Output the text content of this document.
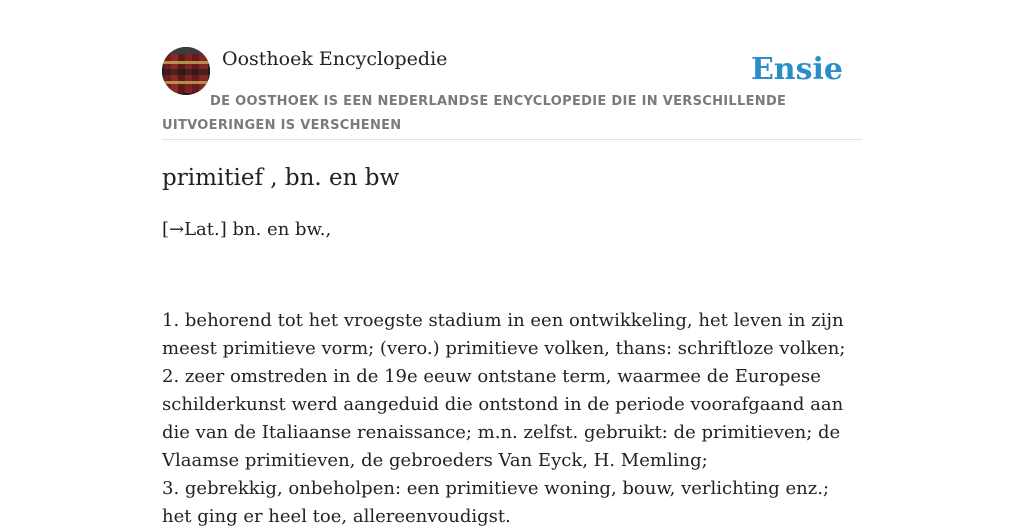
Oosthoek Encyclopedie	Ensie

DE OOSTHOEK IS EEN NEDERLANDSE ENCYCLOPEDIE DIE IN VERSCHILLENDE UITVOERINGEN IS VERSCHENEN

primitief , bn. en bw

[→Lat.] bn. en bw.,

1. behorend tot het vroegste stadium in een ontwikkeling, het leven in zijn meest primitieve vorm; (vero.) primitieve volken, thans: schriftloze volken;
2. zeer omstreden in de 19e eeuw ontstane term, waarmee de Europese schilderkunst werd aangeduid die ontstond in de periode voorafgaand aan die van de Italiaanse renaissance; m.n. zelfst. gebruikt: de primitieven; de Vlaamse primitieven, de gebroeders Van Eyck, H. Memling;
3. gebrekkig, onbeholpen: een primitieve woning, bouw, verlichting enz.; het ging er heel toe, allereenvoudigst.
